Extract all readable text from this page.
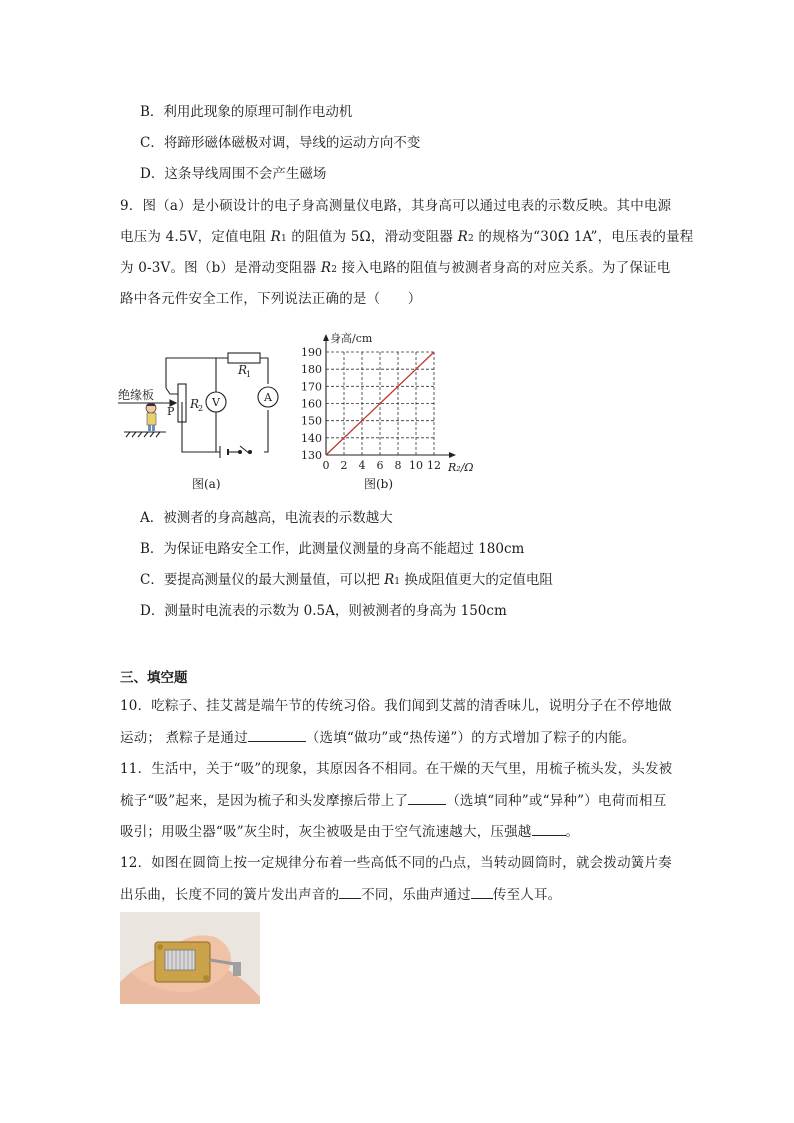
B．利用此现象的原理可制作电动机
C．将蹄形磁体磁极对调，导线的运动方向不变
D．这条导线周围不会产生磁场
9．图（a）是小硕设计的电子身高测量仪电路，其身高可以通过电表的示数反映。其中电源
电压为 4.5V，定值电阻 R1 的阻值为 5Ω，滑动变阻器 R2 的规格为“30Ω 1A”，电压表的量程
为 0-3V。图（b）是滑动变阻器 R2 接入电路的阻值与被测者身高的对应关系。为了保证电
路中各元件安全工作，下列说法正确的是（　　）
绝缘板
P
R
2
R
1
V	A
图(a)
0 2 4 6 8 10 12
130
140
150
160
170
180
190
身高/cm
R₂/Ω
图(b)
A．被测者的身高越高，电流表的示数越大
B．为保证电路安全工作，此测量仪测量的身高不能超过 180cm
C．要提高测量仪的最大测量值，可以把 R1 换成阻值更大的定值电阻
D．测量时电流表的示数为 0.5A，则被测者的身高为 150cm
三、填空题
10．吃粽子、挂艾蒿是端午节的传统习俗。我们闻到艾蒿的清香味儿，说明分子在不停地做
运动； 煮粽子是通过	（选填“做功”或“热传递”）的方式增加了粽子的内能。
11．生活中，关于“吸”的现象，其原因各不相同。在干燥的天气里，用梳子梳头发，头发被
梳子“吸”起来，是因为梳子和头发摩擦后带上了	（选填“同种”或“异种”）电荷而相互
吸引；用吸尘器“吸”灰尘时，灰尘被吸是由于空气流速越大，压强越	。
12．如图在圆筒上按一定规律分布着一些高低不同的凸点，当转动圆筒时，就会拨动簧片奏
出乐曲，长度不同的簧片发出声音的 不同，乐曲声通过 传至人耳。
